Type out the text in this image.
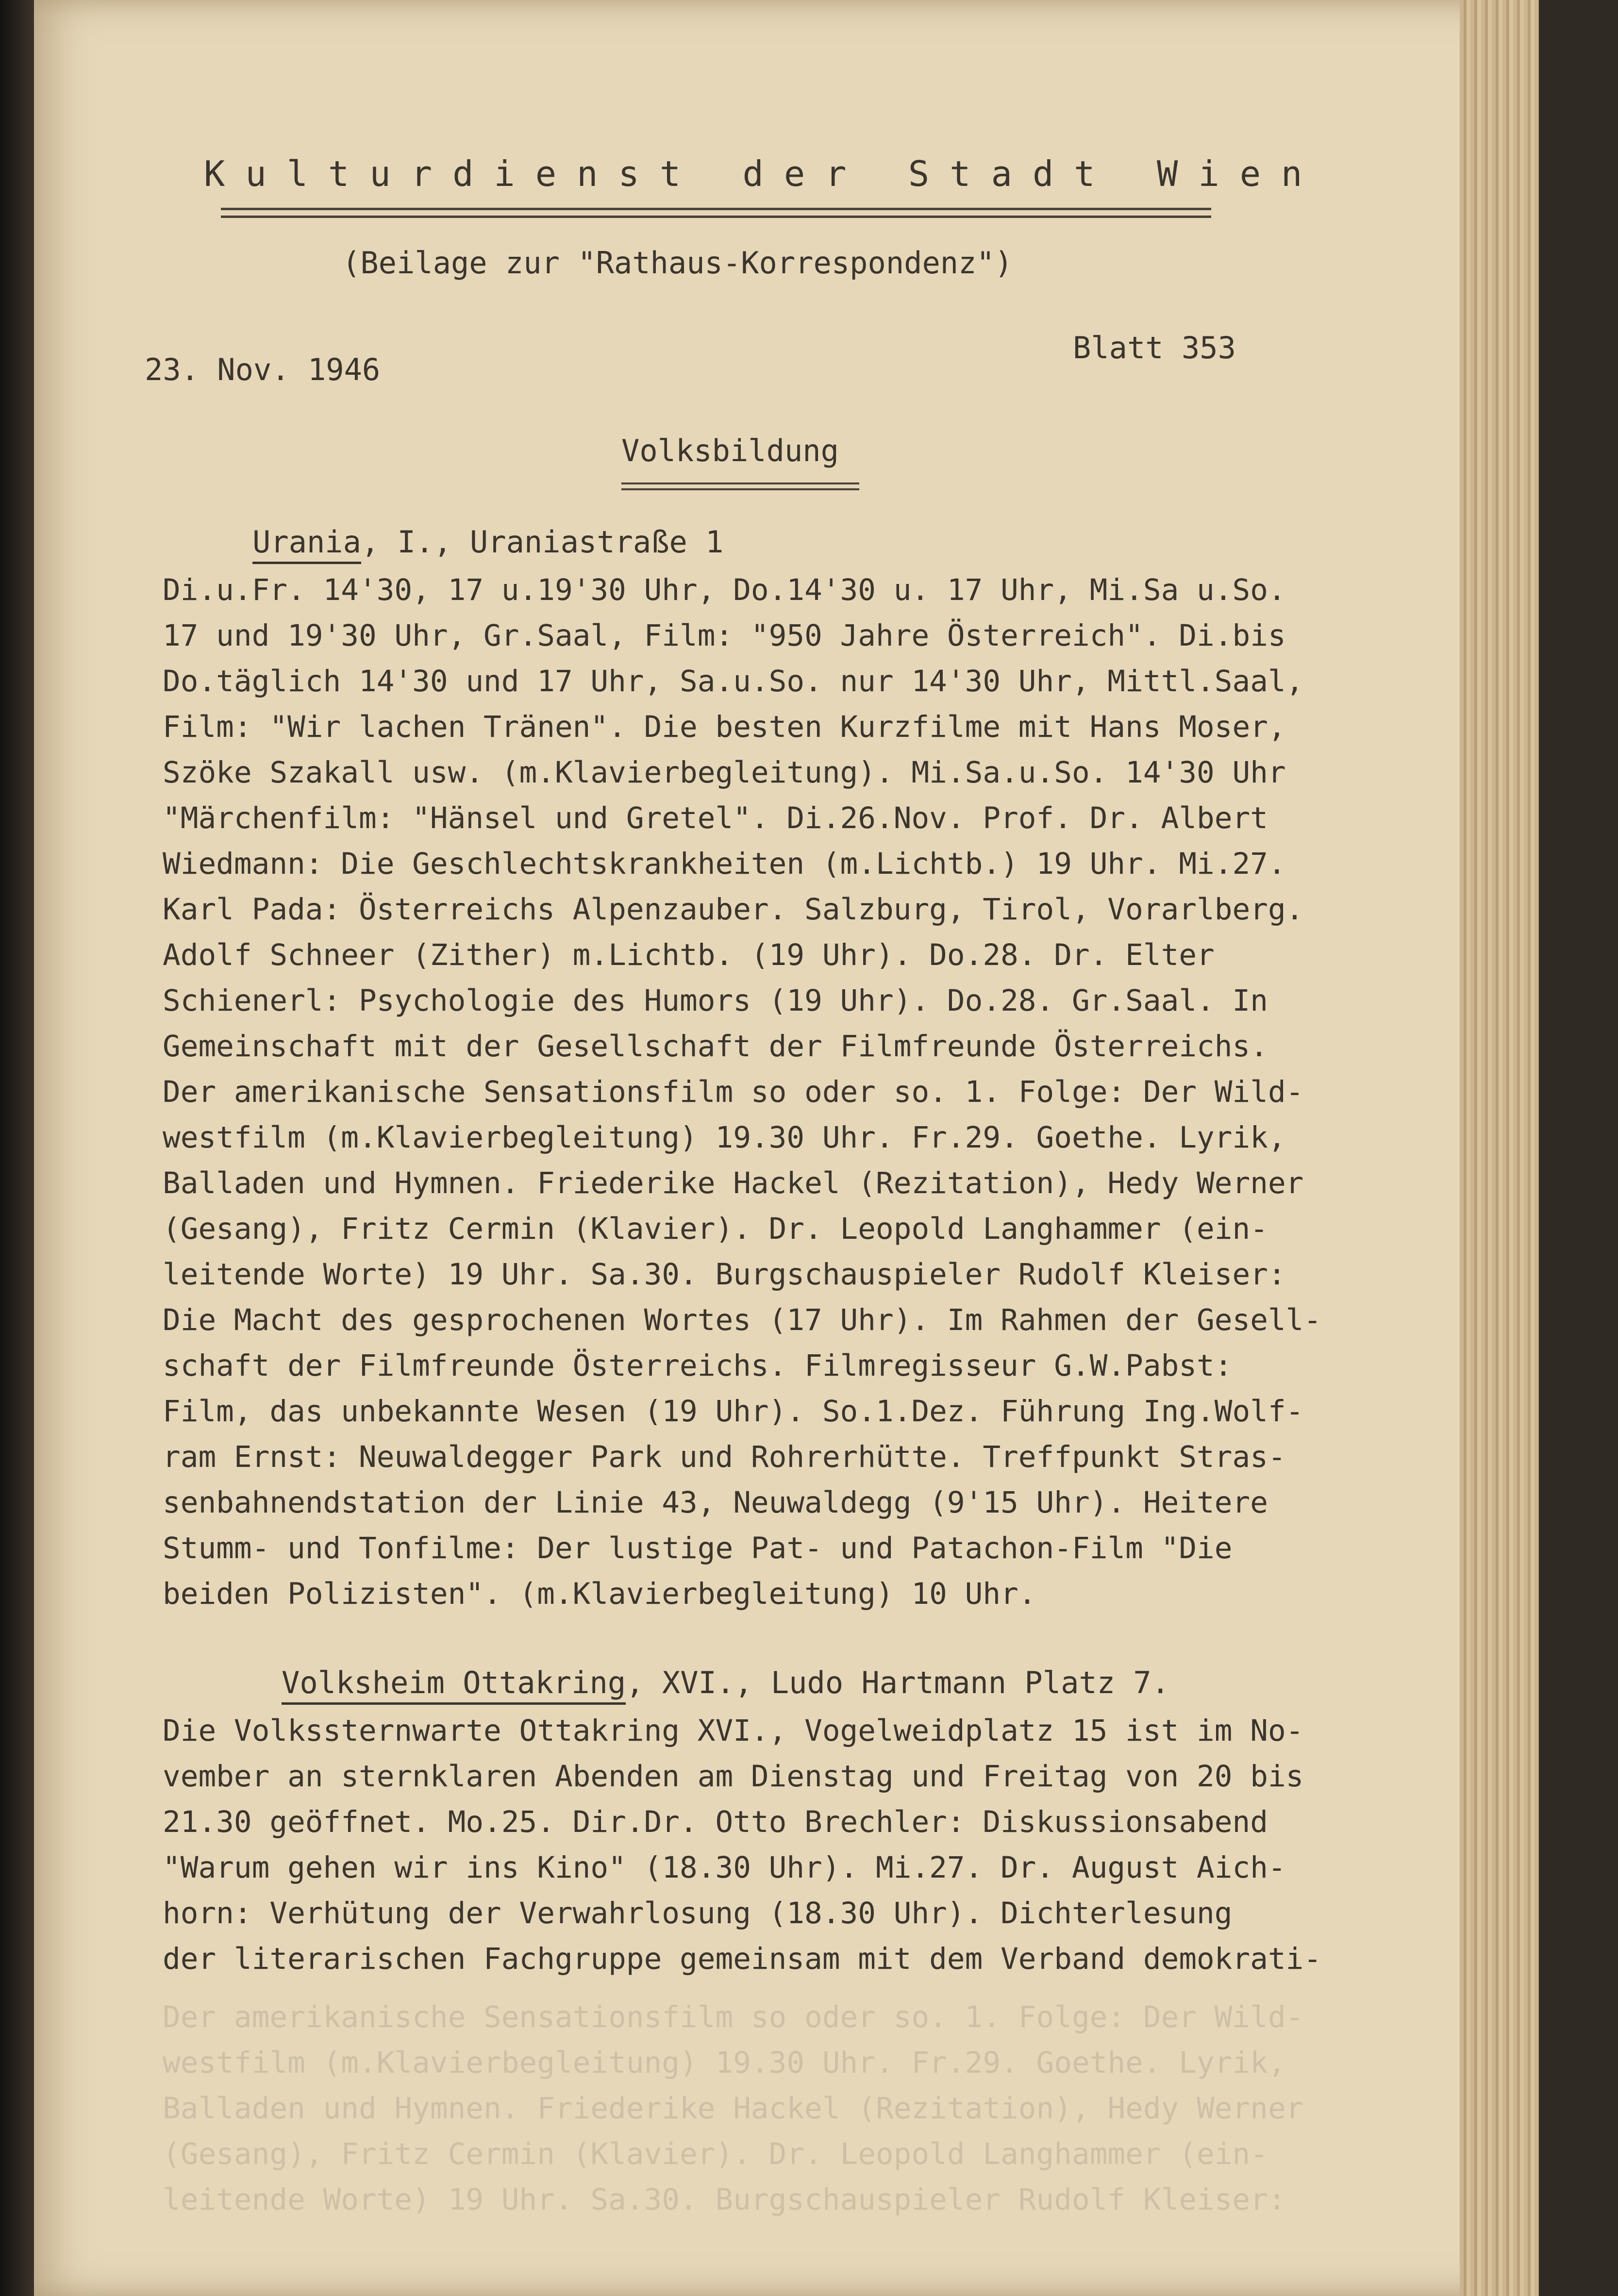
Kulturdienst der Stadt Wien
(Beilage zur "Rathaus-Korrespondenz")
23. Nov. 1946
Blatt 353
Volksbildung
Urania, I., Uraniastraße 1
Di.u.Fr. 14'30, 17 u.19'30 Uhr, Do.14'30 u. 17 Uhr, Mi.Sa u.So.
17 und 19'30 Uhr, Gr.Saal, Film: "950 Jahre Österreich". Di.bis
Do.täglich 14'30 und 17 Uhr, Sa.u.So. nur 14'30 Uhr, Mittl.Saal,
Film: "Wir lachen Tränen". Die besten Kurzfilme mit Hans Moser,
Szöke Szakall usw. (m.Klavierbegleitung). Mi.Sa.u.So. 14'30 Uhr
"Märchenfilm: "Hänsel und Gretel". Di.26.Nov. Prof. Dr. Albert
Wiedmann: Die Geschlechtskrankheiten (m.Lichtb.) 19 Uhr. Mi.27.
Karl Pada: Österreichs Alpenzauber. Salzburg, Tirol, Vorarlberg.
Adolf Schneer (Zither) m.Lichtb. (19 Uhr). Do.28. Dr. Elter
Schienerl: Psychologie des Humors (19 Uhr). Do.28. Gr.Saal. In
Gemeinschaft mit der Gesellschaft der Filmfreunde Österreichs.
Der amerikanische Sensationsfilm so oder so. 1. Folge: Der Wild-
westfilm (m.Klavierbegleitung) 19.30 Uhr. Fr.29. Goethe. Lyrik,
Balladen und Hymnen. Friederike Hackel (Rezitation), Hedy Werner
(Gesang), Fritz Cermin (Klavier). Dr. Leopold Langhammer (ein-
leitende Worte) 19 Uhr. Sa.30. Burgschauspieler Rudolf Kleiser:
Die Macht des gesprochenen Wortes (17 Uhr). Im Rahmen der Gesell-
schaft der Filmfreunde Österreichs. Filmregisseur G.W.Pabst:
Film, das unbekannte Wesen (19 Uhr). So.1.Dez. Führung Ing.Wolf-
ram Ernst: Neuwaldegger Park und Rohrerhütte. Treffpunkt Stras-
senbahnendstation der Linie 43, Neuwaldegg (9'15 Uhr). Heitere
Stumm- und Tonfilme: Der lustige Pat- und Patachon-Film "Die
beiden Polizisten". (m.Klavierbegleitung) 10 Uhr.
Volksheim Ottakring, XVI., Ludo Hartmann Platz 7.
Die Volkssternwarte Ottakring XVI., Vogelweidplatz 15 ist im No-
vember an sternklaren Abenden am Dienstag und Freitag von 20 bis
21.30 geöffnet. Mo.25. Dir.Dr. Otto Brechler: Diskussionsabend
"Warum gehen wir ins Kino" (18.30 Uhr). Mi.27. Dr. August Aich-
horn: Verhütung der Verwahrlosung (18.30 Uhr). Dichterlesung
der literarischen Fachgruppe gemeinsam mit dem Verband demokrati-
Der amerikanische Sensationsfilm so oder so. 1. Folge: Der Wild-
westfilm (m.Klavierbegleitung) 19.30 Uhr. Fr.29. Goethe. Lyrik,
Balladen und Hymnen. Friederike Hackel (Rezitation), Hedy Werner
(Gesang), Fritz Cermin (Klavier). Dr. Leopold Langhammer (ein-
leitende Worte) 19 Uhr. Sa.30. Burgschauspieler Rudolf Kleiser:
